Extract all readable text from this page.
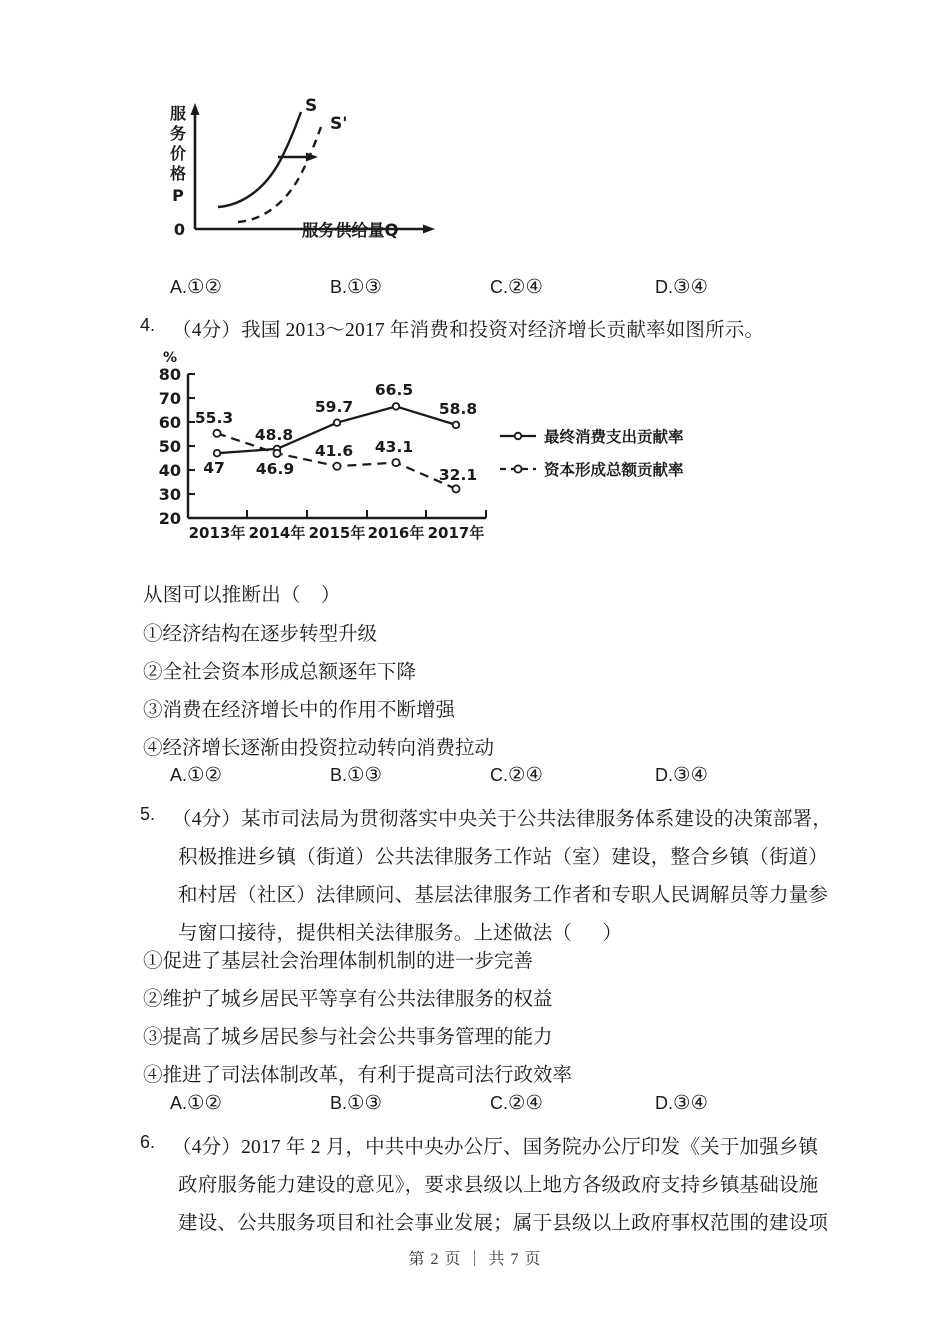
S
S'
0	服务供给量Q
服
务
价
格
P
A.①②	B.①③	C.②④	D.③④
4. （4分）我国 2013～2017 年消费和投资对经济增长贡献率如图所示。
%
80
70
60
50
40
30
20
2013年 2014年 2015年 2016年 2017年
47
48.8
59.7
66.5
58.8
55.3
46.9
41.6 43.1
32.1
最终消费支出贡献率
资本形成总额贡献率
从图可以推断出（    ）
①经济结构在逐步转型升级
②全社会资本形成总额逐年下降
③消费在经济增长中的作用不断增强
④经济增长逐渐由投资拉动转向消费拉动
A.①②	B.①③	C.②④	D.③④
5. （4分）某市司法局为贯彻落实中央关于公共法律服务体系建设的决策部署，
积极推进乡镇（街道）公共法律服务工作站（室）建设，整合乡镇（街道）
和村居（社区）法律顾问、基层法律服务工作者和专职人民调解员等力量参
与窗口接待，提供相关法律服务。上述做法（      ）
①促进了基层社会治理体制机制的进一步完善
②维护了城乡居民平等享有公共法律服务的权益
③提高了城乡居民参与社会公共事务管理的能力
④推进了司法体制改革，有利于提高司法行政效率
A.①②	B.①③	C.②④	D.③④
6. （4分）2017 年 2 月，中共中央办公厅、国务院办公厅印发《关于加强乡镇
政府服务能力建设的意见》，要求县级以上地方各级政府支持乡镇基础设施
建设、公共服务项目和社会事业发展；属于县级以上政府事权范围的建设项
第 2 页 ｜ 共 7 页
